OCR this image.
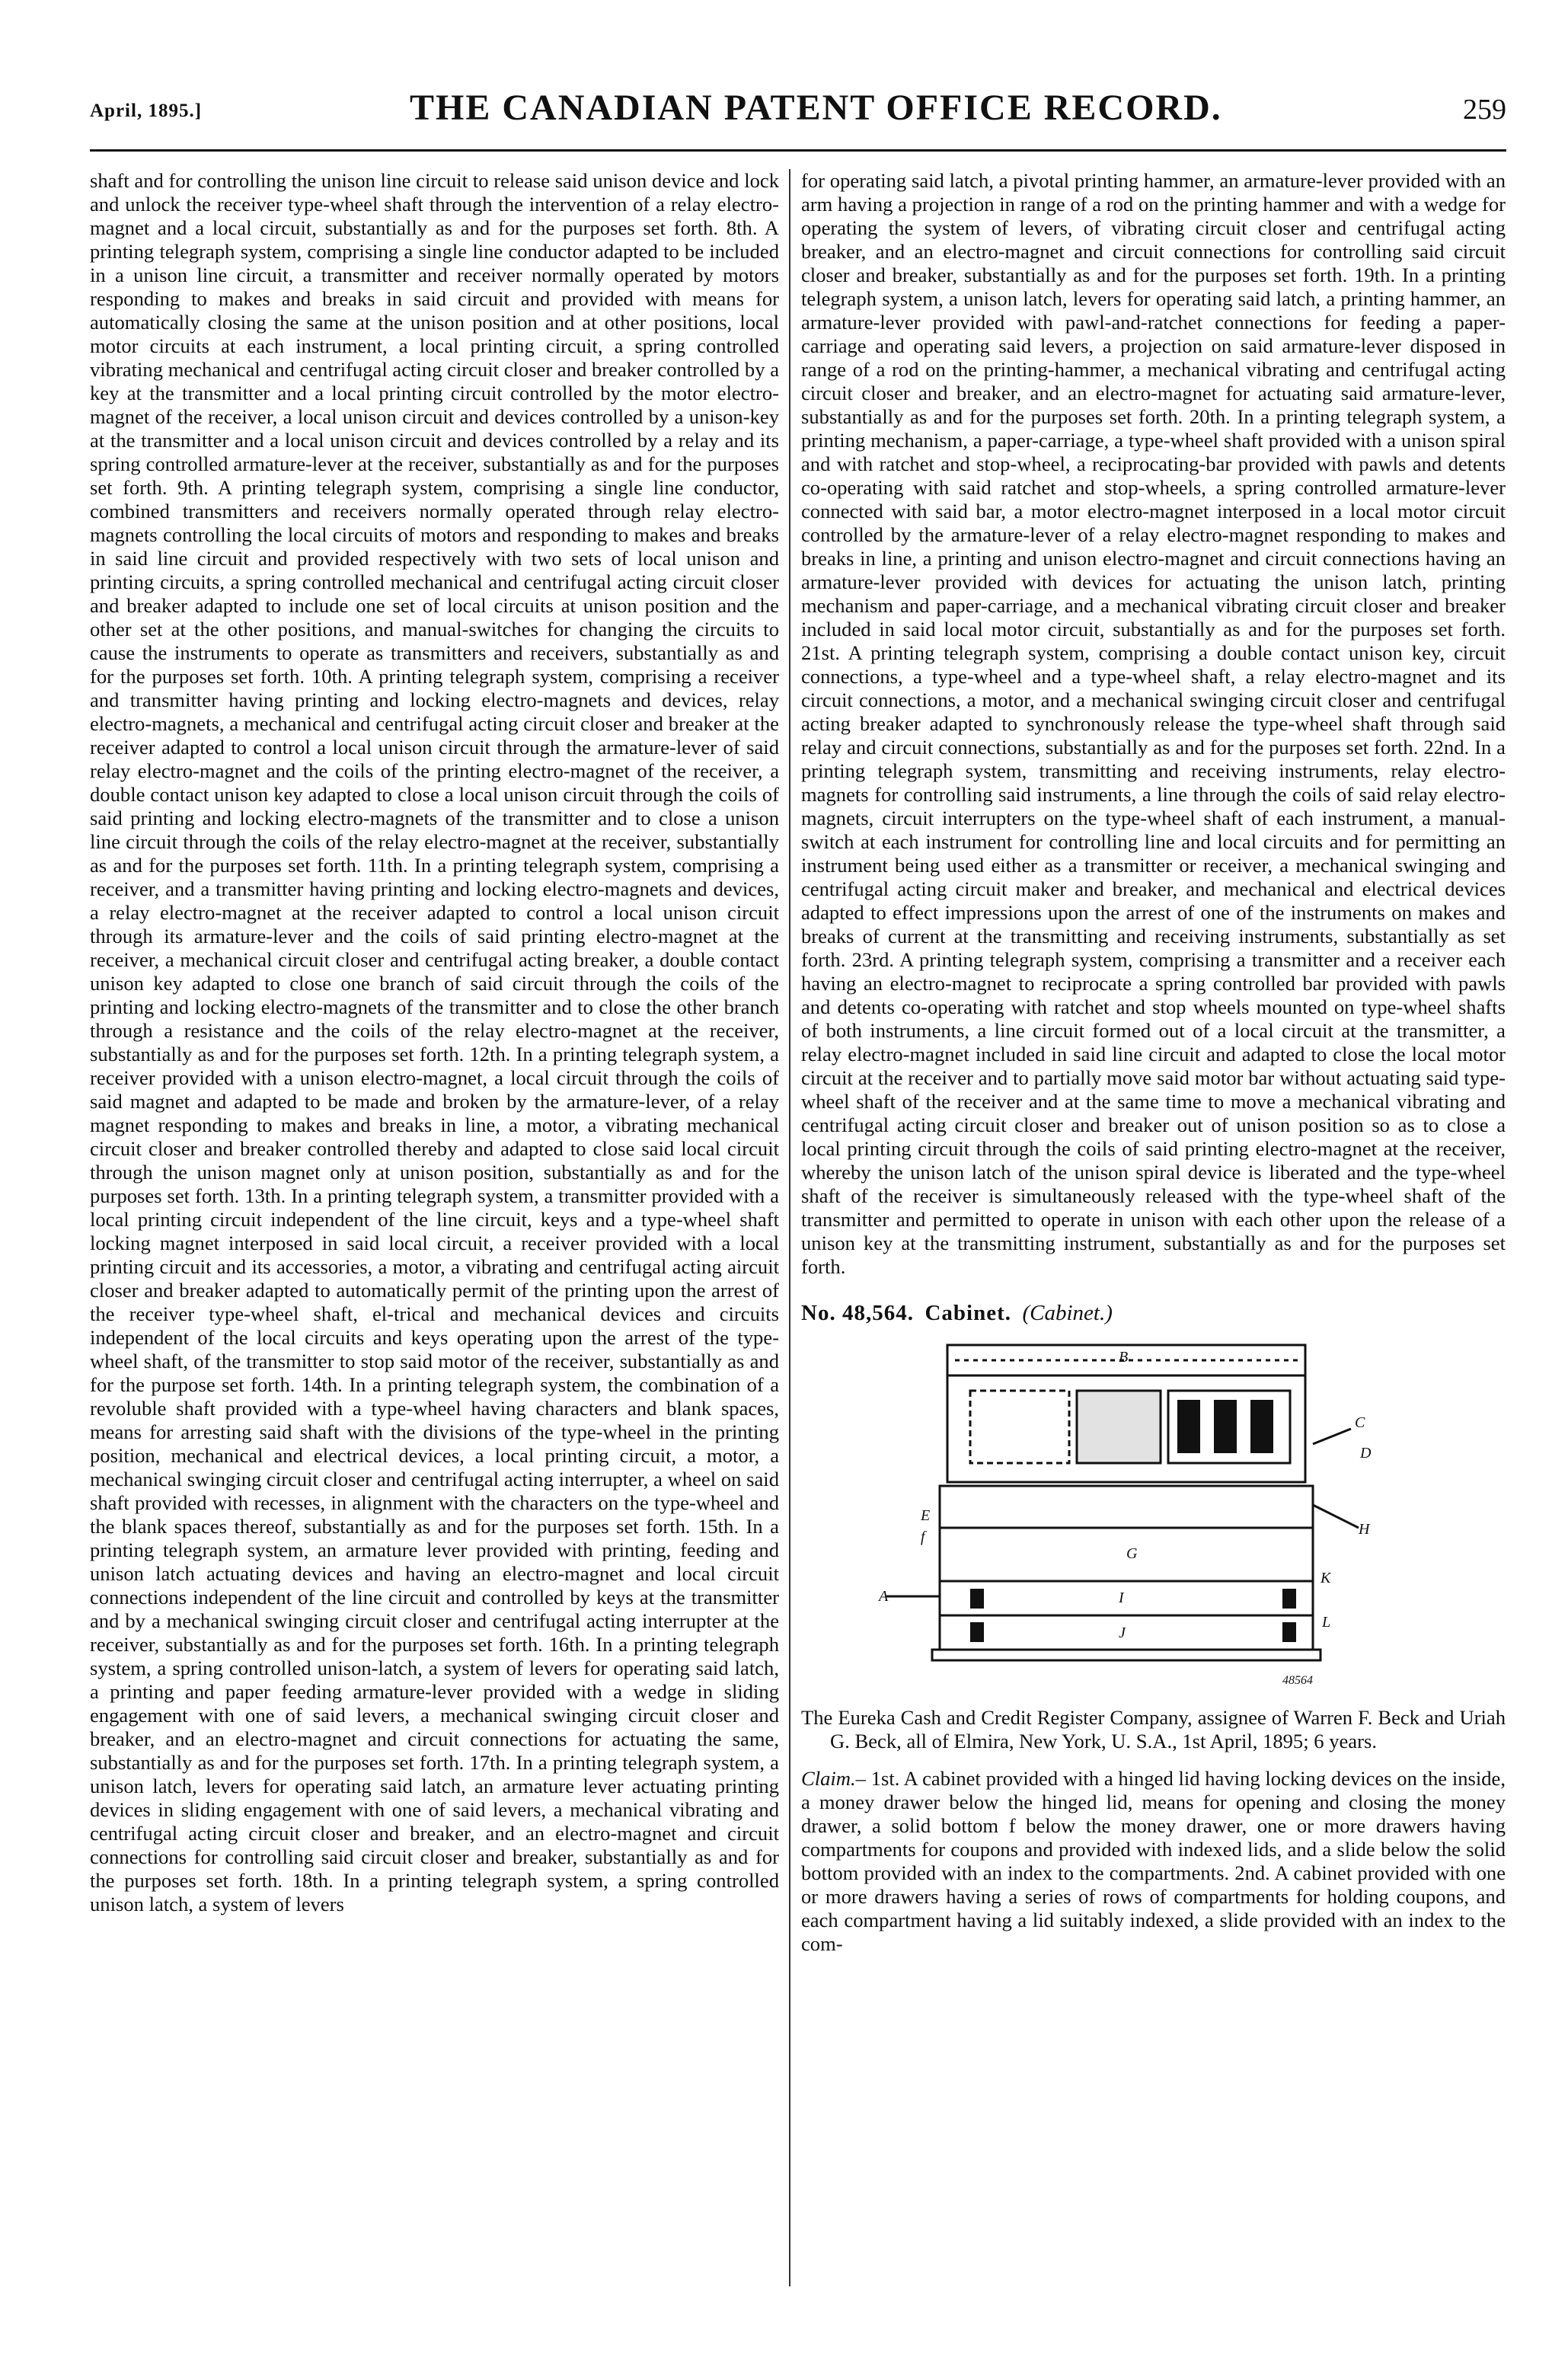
April, 1895.]	THE CANADIAN PATENT OFFICE RECORD.	259

shaft and for controlling the unison line circuit to release said unison device and lock and unlock the receiver type-wheel shaft through the intervention of a relay electro-magnet and a local circuit, substantially as and for the purposes set forth. 8th. A printing telegraph system, comprising a single line conductor adapted to be included in a unison line circuit, a transmitter and receiver normally operated by motors responding to makes and breaks in said circuit and provided with means for automatically closing the same at the unison position and at other positions, local motor circuits at each instrument, a local printing circuit, a spring controlled vibrating mechanical and centrifugal acting circuit closer and breaker controlled by a key at the transmitter and a local printing circuit controlled by the motor electro-magnet of the receiver, a local unison circuit and devices controlled by a unison-key at the transmitter and a local unison circuit and devices controlled by a relay and its spring controlled armature-lever at the receiver, substantially as and for the purposes set forth. 9th. A printing telegraph system, comprising a single line conductor, combined transmitters and receivers normally operated through relay electro-magnets controlling the local circuits of motors and responding to makes and breaks in said line circuit and provided respectively with two sets of local unison and printing circuits, a spring controlled mechanical and centrifugal acting circuit closer and breaker adapted to include one set of local circuits at unison position and the other set at the other positions, and manual-switches for changing the circuits to cause the instruments to operate as transmitters and receivers, substantially as and for the purposes set forth. 10th. A printing telegraph system, comprising a receiver and transmitter having printing and locking electro-magnets and devices, relay electro-magnets, a mechanical and centrifugal acting circuit closer and breaker at the receiver adapted to control a local unison circuit through the armature-lever of said relay electro-magnet and the coils of the printing electro-magnet of the receiver, a double contact unison key adapted to close a local unison circuit through the coils of said printing and locking electro-magnets of the transmitter and to close a unison line circuit through the coils of the relay electro-magnet at the receiver, substantially as and for the purposes set forth. 11th. In a printing telegraph system, comprising a receiver, and a transmitter having printing and locking electro-magnets and devices, a relay electro-magnet at the receiver adapted to control a local unison circuit through its armature-lever and the coils of said printing electro-magnet at the receiver, a mechanical circuit closer and centrifugal acting breaker, a double contact unison key adapted to close one branch of said circuit through the coils of the printing and locking electro-magnets of the transmitter and to close the other branch through a resistance and the coils of the relay electro-magnet at the receiver, substantially as and for the purposes set forth. 12th. In a printing telegraph system, a receiver provided with a unison electro-magnet, a local circuit through the coils of said magnet and adapted to be made and broken by the armature-lever, of a relay magnet responding to makes and breaks in line, a motor, a vibrating mechanical circuit closer and breaker controlled thereby and adapted to close said local circuit through the unison magnet only at unison position, substantially as and for the purposes set forth. 13th. In a printing telegraph system, a transmitter provided with a local printing circuit independent of the line circuit, keys and a type-wheel shaft locking magnet interposed in said local circuit, a receiver provided with a local printing circuit and its accessories, a motor, a vibrating and centrifugal acting aircuit closer and breaker adapted to automatically permit of the printing upon the arrest of the receiver type-wheel shaft, el-trical and mechanical devices and circuits independent of the local circuits and keys operating upon the arrest of the type-wheel shaft, of the transmitter to stop said motor of the receiver, substantially as and for the purpose set forth. 14th. In a printing telegraph system, the combination of a revoluble shaft provided with a type-wheel having characters and blank spaces, means for arresting said shaft with the divisions of the type-wheel in the printing position, mechanical and electrical devices, a local printing circuit, a motor, a mechanical swinging circuit closer and centrifugal acting interrupter, a wheel on said shaft provided with recesses, in alignment with the characters on the type-wheel and the blank spaces thereof, substantially as and for the purposes set forth. 15th. In a printing telegraph system, an armature lever provided with printing, feeding and unison latch actuating devices and having an electro-magnet and local circuit connections independent of the line circuit and controlled by keys at the transmitter and by a mechanical swinging circuit closer and centrifugal acting interrupter at the receiver, substantially as and for the purposes set forth. 16th. In a printing telegraph system, a spring controlled unison-latch, a system of levers for operating said latch, a printing and paper feeding armature-lever provided with a wedge in sliding engagement with one of said levers, a mechanical swinging circuit closer and breaker, and an electro-magnet and circuit connections for actuating the same, substantially as and for the purposes set forth. 17th. In a printing telegraph system, a unison latch, levers for operating said latch, an armature lever actuating printing devices in sliding engagement with one of said levers, a mechanical vibrating and centrifugal acting circuit closer and breaker, and an electro-magnet and circuit connections for controlling said circuit closer and breaker, substantially as and for the purposes set forth. 18th. In a printing telegraph system, a spring controlled unison latch, a system of levers

for operating said latch, a pivotal printing hammer, an armature-lever provided with an arm having a projection in range of a rod on the printing hammer and with a wedge for operating the system of levers, of vibrating circuit closer and centrifugal acting breaker, and an electro-magnet and circuit connections for controlling said circuit closer and breaker, substantially as and for the purposes set forth. 19th. In a printing telegraph system, a unison latch, levers for operating said latch, a printing hammer, an armature-lever provided with pawl-and-ratchet connections for feeding a paper-carriage and operating said levers, a projection on said armature-lever disposed in range of a rod on the printing-hammer, a mechanical vibrating and centrifugal acting circuit closer and breaker, and an electro-magnet for actuating said armature-lever, substantially as and for the purposes set forth. 20th. In a printing telegraph system, a printing mechanism, a paper-carriage, a type-wheel shaft provided with a unison spiral and with ratchet and stop-wheel, a reciprocating-bar provided with pawls and detents co-operating with said ratchet and stop-wheels, a spring controlled armature-lever connected with said bar, a motor electro-magnet interposed in a local motor circuit controlled by the armature-lever of a relay electro-magnet responding to makes and breaks in line, a printing and unison electro-magnet and circuit connections having an armature-lever provided with devices for actuating the unison latch, printing mechanism and paper-carriage, and a mechanical vibrating circuit closer and breaker included in said local motor circuit, substantially as and for the purposes set forth. 21st. A printing telegraph system, comprising a double contact unison key, circuit connections, a type-wheel and a type-wheel shaft, a relay electro-magnet and its circuit connections, a motor, and a mechanical swinging circuit closer and centrifugal acting breaker adapted to synchronously release the type-wheel shaft through said relay and circuit connections, substantially as and for the purposes set forth. 22nd. In a printing telegraph system, transmitting and receiving instruments, relay electro-magnets for controlling said instruments, a line through the coils of said relay electro-magnets, circuit interrupters on the type-wheel shaft of each instrument, a manual-switch at each instrument for controlling line and local circuits and for permitting an instrument being used either as a transmitter or receiver, a mechanical swinging and centrifugal acting circuit maker and breaker, and mechanical and electrical devices adapted to effect impressions upon the arrest of one of the instruments on makes and breaks of current at the transmitting and receiving instruments, substantially as set forth. 23rd. A printing telegraph system, comprising a transmitter and a receiver each having an electro-magnet to reciprocate a spring controlled bar provided with pawls and detents co-operating with ratchet and stop wheels mounted on type-wheel shafts of both instruments, a line circuit formed out of a local circuit at the transmitter, a relay electro-magnet included in said line circuit and adapted to close the local motor circuit at the receiver and to partially move said motor bar without actuating said type-wheel shaft of the receiver and at the same time to move a mechanical vibrating and centrifugal acting circuit closer and breaker out of unison position so as to close a local printing circuit through the coils of said printing electro-magnet at the receiver, whereby the unison latch of the unison spiral device is liberated and the type-wheel shaft of the receiver is simultaneously released with the type-wheel shaft of the transmitter and permitted to operate in unison with each other upon the release of a unison key at the transmitting instrument, substantially as and for the purposes set forth.

No. 48,564. Cabinet. (Cabinet.)
B
C
D
A
E
f
G
H
I
J
K
L
48564

The Eureka Cash and Credit Register Company, assignee of Warren F. Beck and Uriah G. Beck, all of Elmira, New York, U. S.A., 1st April, 1895; 6 years.

Claim.– 1st. A cabinet provided with a hinged lid having locking devices on the inside, a money drawer below the hinged lid, means for opening and closing the money drawer, a solid bottom f below the money drawer, one or more drawers having compartments for coupons and provided with indexed lids, and a slide below the solid bottom provided with an index to the compartments. 2nd. A cabinet provided with one or more drawers having a series of rows of compartments for holding coupons, and each compartment having a lid suitably indexed, a slide provided with an index to the com-
